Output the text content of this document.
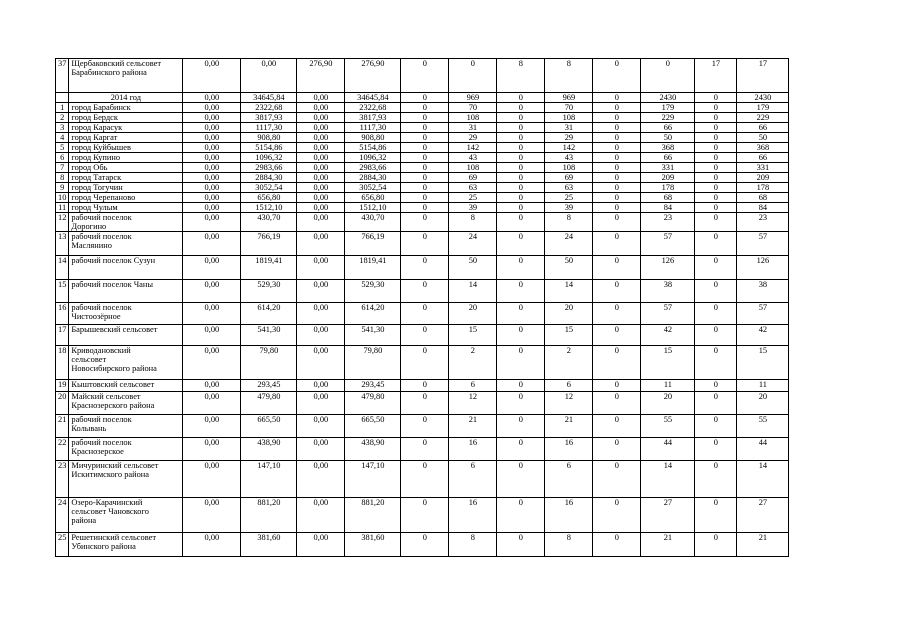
37	Щербаковский сельсовет
Барабинского района	0,00	0,00	276,90	276,90	0	0	8	8	0	0	17	17

	2014 год	0,00	34645,84	0,00	34645,84	0	969	0	969	0	2430	0	2430
1	город Барабинск	0,00	2322,68	0,00	2322,68	0	70	0	70	0	179	0	179
2	город Бердск	0,00	3817,93	0,00	3817,93	0	108	0	108	0	229	0	229
3	город Карасук	0,00	1117,30	0,00	1117,30	0	31	0	31	0	66	0	66
4	город Каргат	0,00	908,80	0,00	908,80	0	29	0	29	0	50	0	50
5	город Куйбышев	0,00	5154,86	0,00	5154,86	0	142	0	142	0	368	0	368
6	город Купино	0,00	1096,32	0,00	1096,32	0	43	0	43	0	66	0	66
7	город Обь	0,00	2983,66	0,00	2983,66	0	108	0	108	0	331	0	331
8	город Татарск	0,00	2884,30	0,00	2884,30	0	69	0	69	0	209	0	209
9	город Тогучин	0,00	3052,54	0,00	3052,54	0	63	0	63	0	178	0	178
10	город Черепаново	0,00	656,80	0,00	656,80	0	25	0	25	0	68	0	68
11	город Чулым	0,00	1512,10	0,00	1512,10	0	39	0	39	0	84	0	84
12	рабочий поселок
Дорогино	0,00	430,70	0,00	430,70	0	8	0	8	0	23	0	23
13	рабочий поселок
Маслянино	0,00	766,19	0,00	766,19	0	24	0	24	0	57	0	57
14	рабочий поселок Сузун	0,00	1819,41	0,00	1819,41	0	50	0	50	0	126	0	126
15	рабочий поселок Чаны	0,00	529,30	0,00	529,30	0	14	0	14	0	38	0	38
16	рабочий поселок
Чистоозёрное	0,00	614,20	0,00	614,20	0	20	0	20	0	57	0	57
17	Барышевский сельсовет	0,00	541,30	0,00	541,30	0	15	0	15	0	42	0	42
18	Криводановский
сельсовет
Новосибирского района	0,00	79,80	0,00	79,80	0	2	0	2	0	15	0	15
19	Кыштовский сельсовет	0,00	293,45	0,00	293,45	0	6	0	6	0	11	0	11
20	Майский сельсовет
Краснозерского района	0,00	479,80	0,00	479,80	0	12	0	12	0	20	0	20
21	рабочий поселок
Колывань	0,00	665,50	0,00	665,50	0	21	0	21	0	55	0	55
22	рабочий поселок
Краснозерское	0,00	438,90	0,00	438,90	0	16	0	16	0	44	0	44
23	Мичуринский сельсовет
Искитимского района	0,00	147,10	0,00	147,10	0	6	0	6	0	14	0	14
24	Озеро-Карачинский
сельсовет Чановского
района	0,00	881,20	0,00	881,20	0	16	0	16	0	27	0	27
25	Решетинский сельсовет
Убинского района	0,00	381,60	0,00	381,60	0	8	0	8	0	21	0	21
